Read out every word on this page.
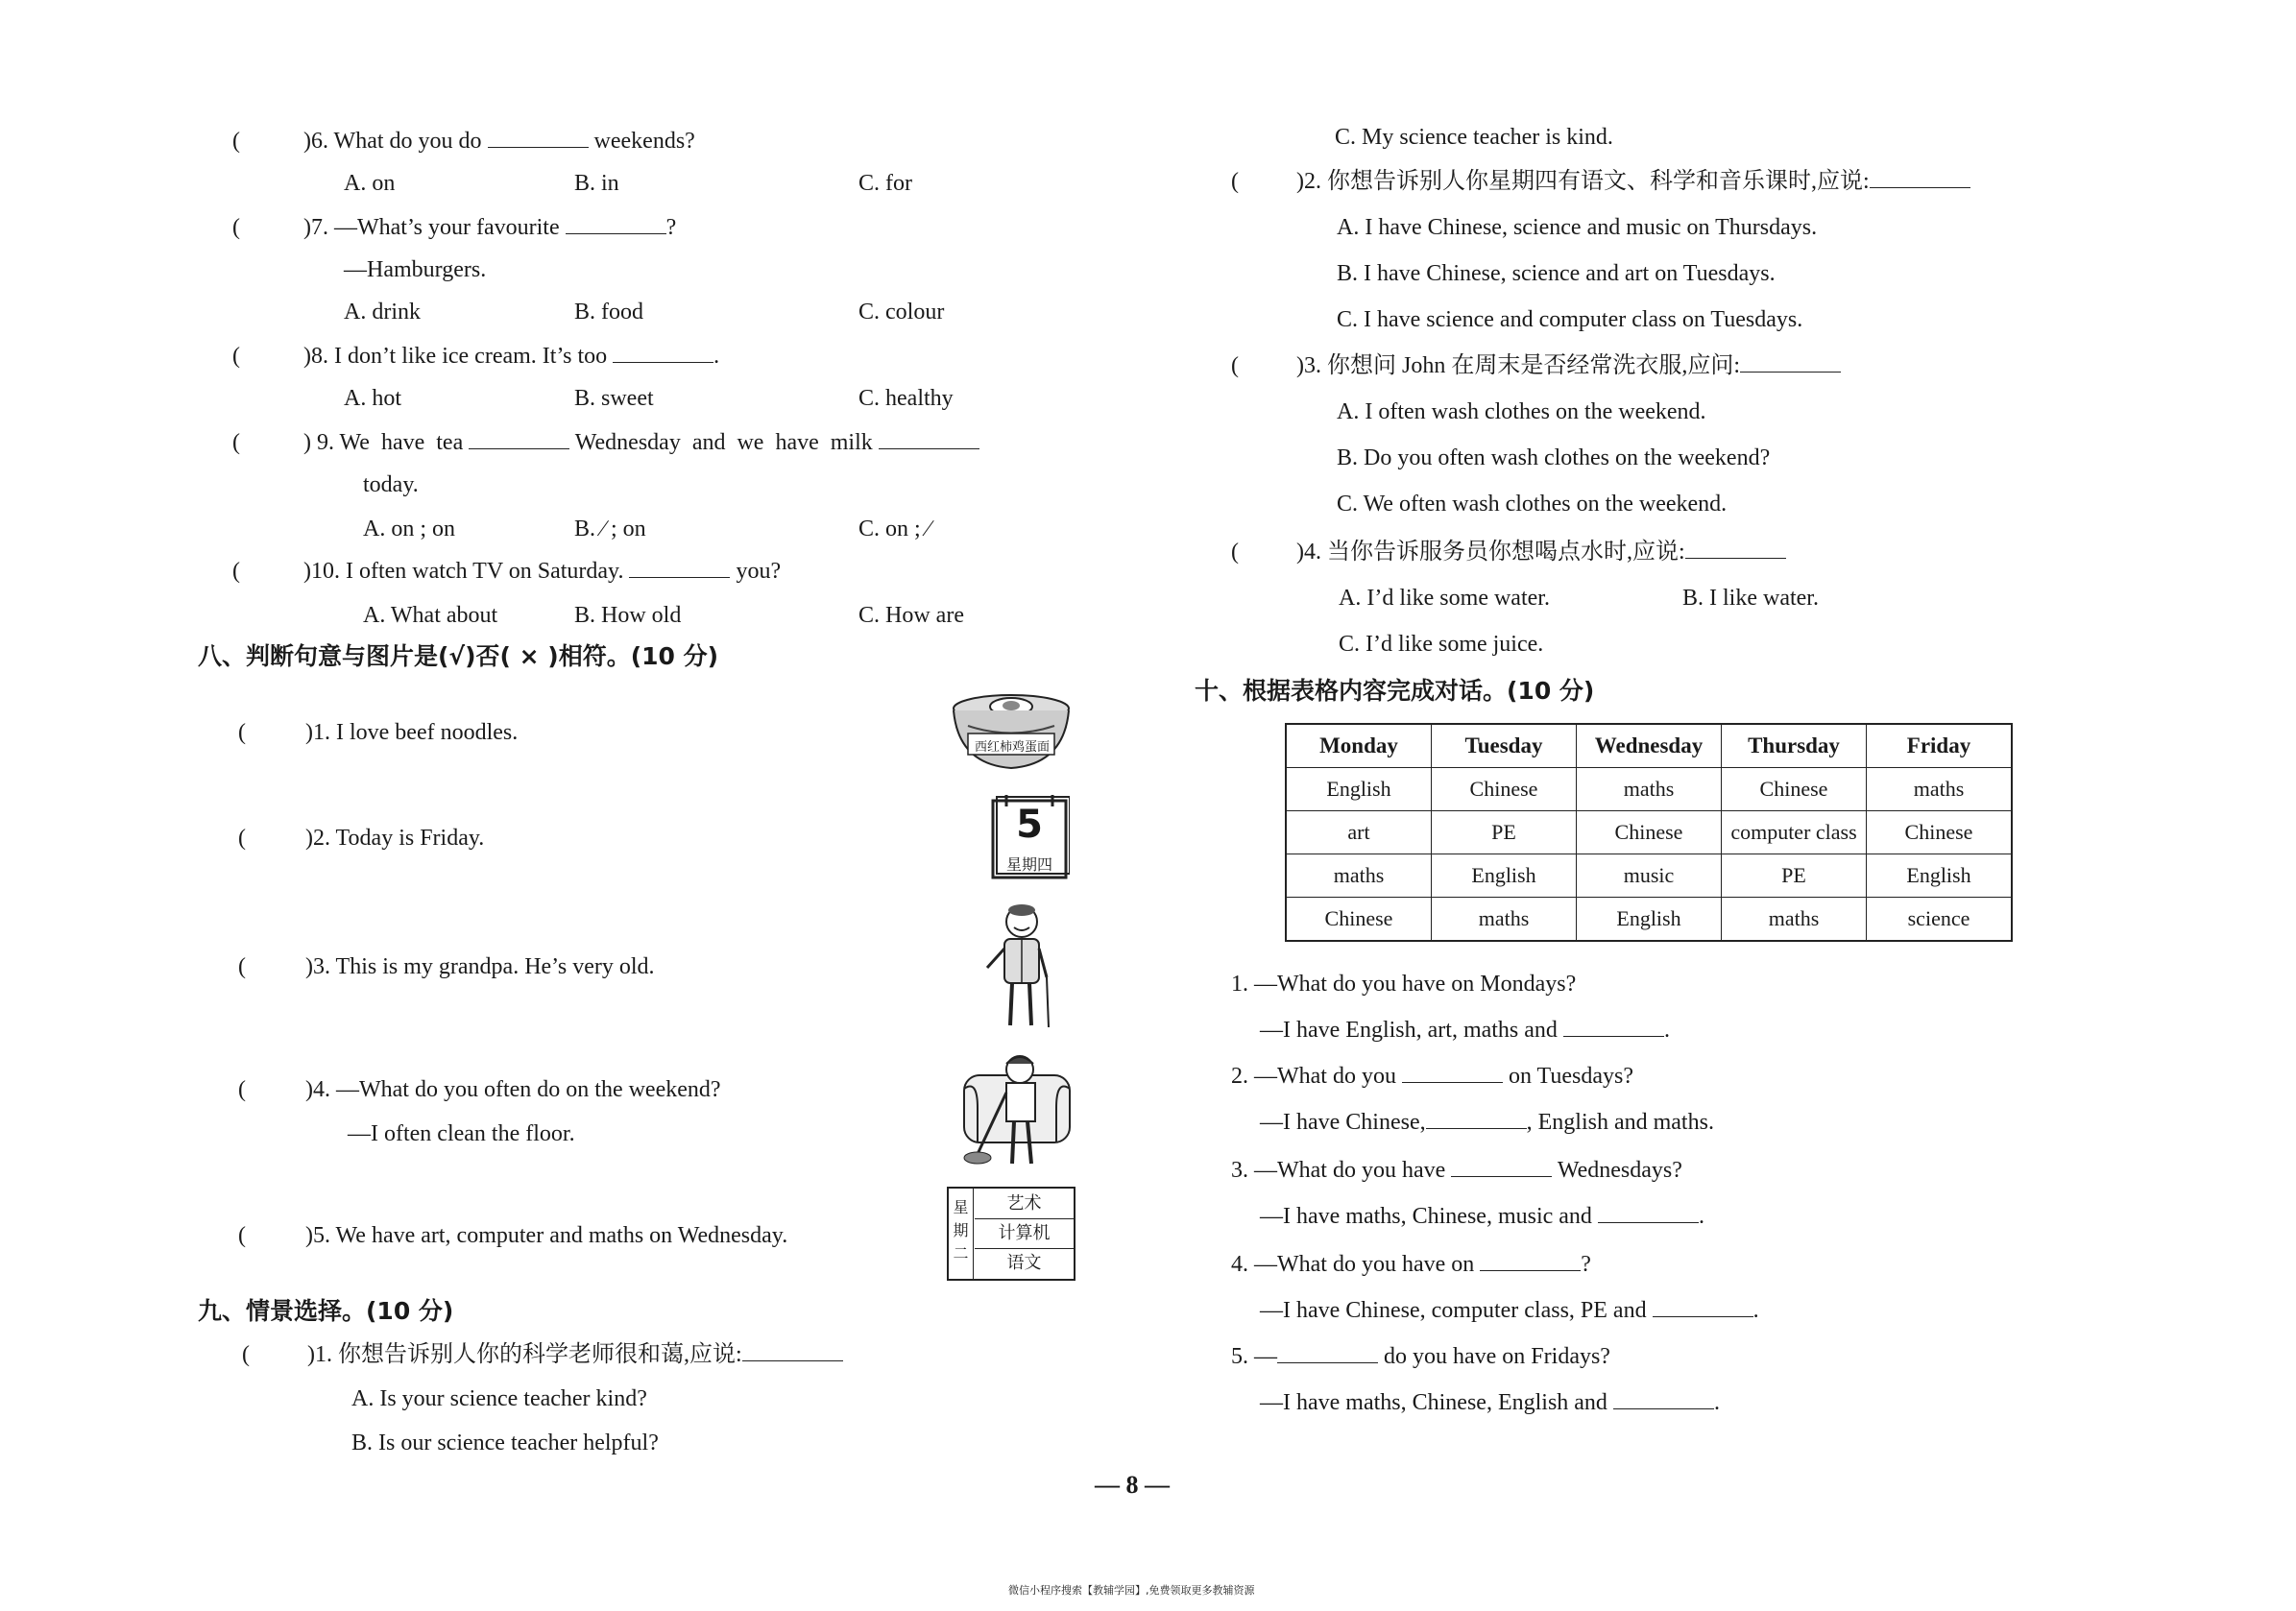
(	)6. What do you do	weekends?
A. on	B. in	C. for
(	)7. —What’s your favourite	?
—Hamburgers.
A. drink	B. food	C. colour
(	)8. I don’t like ice cream. It’s too	.
A. hot	B. sweet	C. healthy
(	) 9. We  have  tea	Wednesday  and  we  have  milk
today.
A. on ; on	B. ∕ ; on	C. on ; ∕
(	)10. I often watch TV on Saturday.	you?
A. What about	B. How old	C. How are
八、判断句意与图片是(√)否( × )相符。(10 分)
(	)1. I love beef noodles.
(	)2. Today is Friday.
(	)3. This is my grandpa. He’s very old.
(	)4. —What do you often do on the weekend?
—I often clean the floor.
(	)5. We have art, computer and maths on Wednesday.
西红柿鸡蛋面
5
星期四
星
期
二
艺术
计算机
语文
九、情景选择。(10 分)
(	)1. 你想告诉别人你的科学老师很和蔼,应说:
A. Is your science teacher kind?
B. Is our science teacher helpful?
C. My science teacher is kind.
(	)2. 你想告诉别人你星期四有语文、科学和音乐课时,应说:
A. I have Chinese, science and music on Thursdays.
B. I have Chinese, science and art on Tuesdays.
C. I have science and computer class on Tuesdays.
(	)3. 你想问 John 在周末是否经常洗衣服,应问:
A. I often wash clothes on the weekend.
B. Do you often wash clothes on the weekend?
C. We often wash clothes on the weekend.
(	)4. 当你告诉服务员你想喝点水时,应说:
A. I’d like some water.	B. I like water.
C. I’d like some juice.
十、根据表格内容完成对话。(10 分)
Monday	Tuesday	Wednesday	Thursday	Friday
English	Chinese	maths	Chinese	maths
art	PE	Chinese	computer class	Chinese
maths	English	music	PE	English
Chinese	maths	English	maths	science
1. —What do you have on Mondays?
—I have English, art, maths and	.
2. —What do you	on Tuesdays?
—I have Chinese,	, English and maths.
3. —What do you have	Wednesdays?
—I have maths, Chinese, music and	.
4. —What do you have on	?
—I have Chinese, computer class, PE and	.
5. —	do you have on Fridays?
—I have maths, Chinese, English and	.
— 8 —
微信小程序搜索【教辅学园】,免费领取更多教辅资源
